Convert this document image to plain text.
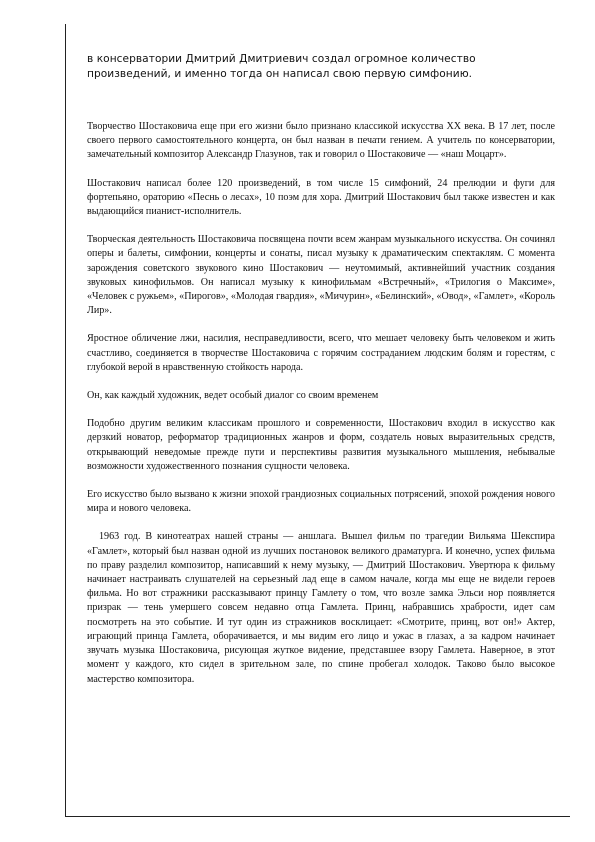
в консерватории Дмитрий Дмитриевич создал огромное количество произведений, и именно тогда он написал свою первую симфонию.

Творчество Шостаковича еще при его жизни было признано классикой искусства XX века. В 17 лет, после своего первого самостоятельного концерта, он был назван в печати гением. А учитель по консерватории, замечательный композитор Александр Глазунов, так и говорил о Шостаковиче — «наш Моцарт».

Шостакович написал более 120 произведений, в том числе 15 симфоний, 24 прелюдии и фуги для фортепьяно, ораторию «Песнь о лесах», 10 поэм для хора. Дмитрий Шостакович был также известен и как выдающийся пианист-исполнитель.

Творческая деятельность Шостаковича посвящена почти всем жанрам музыкального искусства. Он сочинял оперы и балеты, симфонии, концерты и сонаты, писал музыку к драматическим спектаклям. С момента зарождения советского звукового кино Шостакович — неутомимый, активнейший участник создания звуковых кинофильмов. Он написал музыку к кинофильмам «Встречный», «Трилогия о Максиме», «Человек с ружьем», «Пирогов», «Молодая гвардия», «Мичурин», «Белинский», «Овод», «Гамлет», «Король Лир».

Яростное обличение лжи, насилия, несправедливости, всего, что мешает человеку быть человеком и жить счастливо, соединяется в творчестве Шостаковича с горячим состраданием людским болям и горестям, с глубокой верой в нравственную стойкость народа.

Он, как каждый художник, ведет особый диалог со своим временем

Подобно другим великим классикам прошлого и современности, Шостакович входил в искусство как дерзкий новатор, реформатор традиционных жанров и форм, создатель новых выразительных средств, открывающий неведомые прежде пути и перспективы развития музыкального мышления, небывалые возможности художественного познания сущности человека.

Его искусство было вызвано к жизни эпохой грандиозных социальных потрясений, эпохой рождения нового мира и нового человека.

1963 год. В кинотеатрах нашей страны — аншлага. Вышел фильм по трагедии Вильяма Шекспира «Гамлет», который был назван одной из лучших постановок великого драматурга. И конечно, успех фильма по праву разделил композитор, написавший к нему музыку, — Дмитрий Шостакович. Увертюра к фильму начинает настраивать слушателей на серьезный лад еще в самом начале, когда мы еще не видели героев фильма. Но вот стражники рассказывают принцу Гамлету о том, что возле замка Эльси нор появляется призрак — тень умершего совсем недавно отца Гамлета. Принц, набравшись храбрости, идет сам посмотреть на это событие. И тут один из стражников восклицает: «Смотрите, принц, вот он!» Актер, играющий принца Гамлета, оборачивается, и мы видим его лицо и ужас в глазах, а за кадром начинает звучать музыка Шостаковича, рисующая жуткое видение, представшее взору Гамлета. Наверное, в этот момент у каждого, кто сидел в зрительном зале, по спине пробегал холодок. Таково было высокое мастерство композитора.
